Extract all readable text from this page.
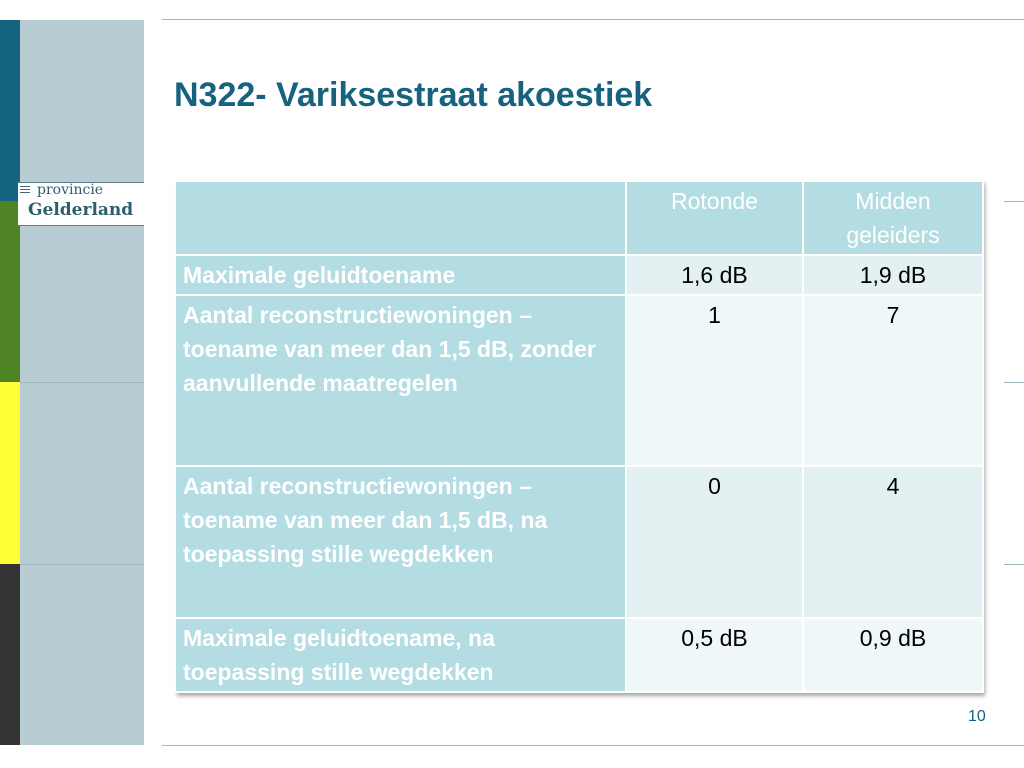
provincie
Gelderland
N322- Variksestraat akoestiek
	Rotonde	Midden geleiders
Maximale geluidtoename	1,6 dB	1,9 dB
Aantal reconstructiewoningen – toename van meer dan 1,5 dB, zonder aanvullende maatregelen	1	7
Aantal reconstructiewoningen – toename van meer dan 1,5 dB, na toepassing stille wegdekken	0	4
Maximale geluidtoename, na toepassing stille wegdekken	0,5 dB	0,9 dB
10
